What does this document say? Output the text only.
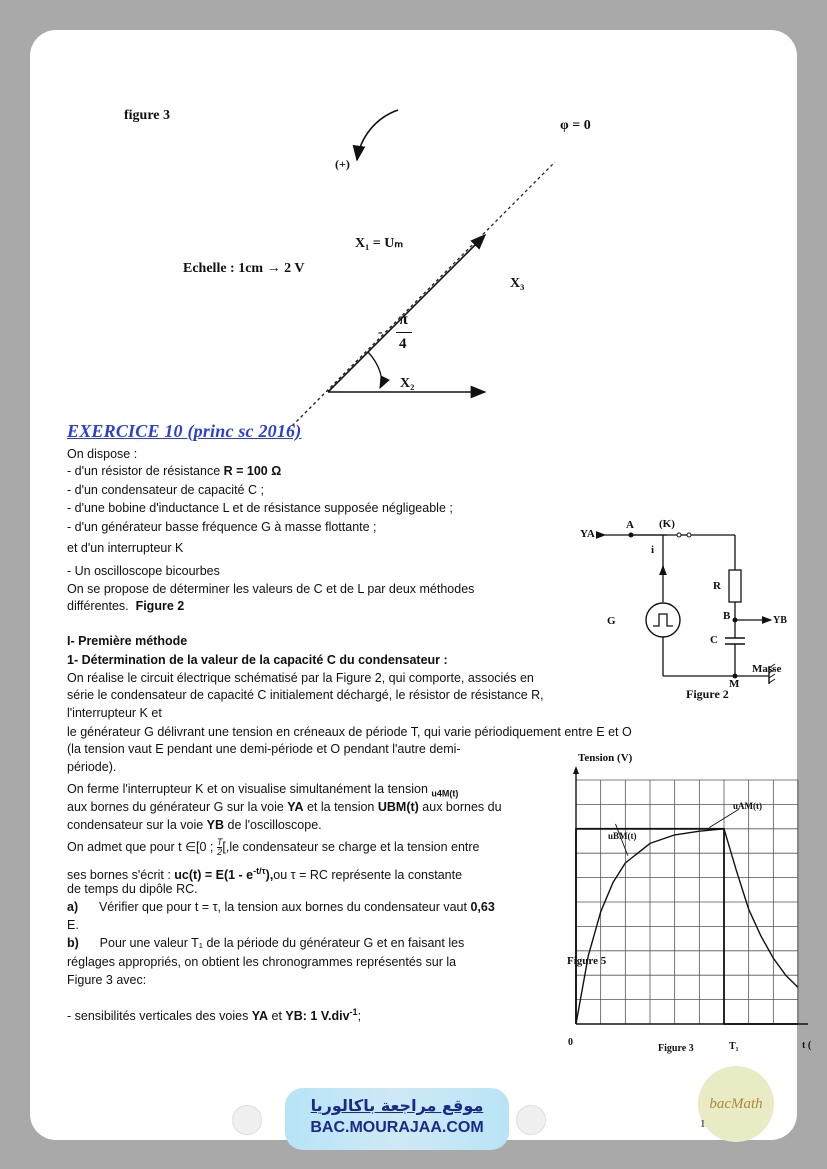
figure 3
(+)
φ = 0
X₁ = Uₘ
Echelle : 1cm → 2 V
X₃
-
π
4
X₂
EXERCICE 10 (princ sc 2016)
On dispose :
- d'un résistor de résistance R = 100 Ω
- d'un condensateur de capacité C ;
- d'une bobine d'inductance L et de résistance supposée négligeable ;
- d'un générateur basse fréquence G à masse flottante ;
et d'un interrupteur K
- Un oscilloscope bicourbes
On se propose de déterminer les valeurs de C et de L par deux méthodes
différentes. Figure 2
I- Première méthode
1- Détermination de la valeur de la capacité C du condensateur :
On réalise le circuit électrique schématisé par la Figure 2, qui comporte, associés en
série le condensateur de capacité C initialement déchargé, le résistor de résistance R,
l'interrupteur K et
le générateur G délivrant une tension en créneaux de période T, qui varie périodiquement entre E et O
(la tension vaut E pendant une demi-période et O pendant l'autre demi-
période).
On ferme l'interrupteur K et on visualise simultanément la tension $_{u4M(t)}$
aux bornes du générateur G sur la voie YA et la tension UBM(t) aux bornes du
condensateur sur la voie YB de l'oscilloscope.
On admet que pour t ∈[0 ; $\frac{T}{2} [,le$ condensateur se charge et la tension entre
ses bornes s'écrit : $uc(t) = E(1 - e^{-t/\tau}),ou$ τ = RC représente la constante
de temps du dipôle RC.
a) Vérifier que pour t = τ, la tension aux bornes du condensateur vaut 0,63
E.
b) Pour une valeur T₁ de la période du générateur G et en faisant les
réglages appropriés, on obtient les chronogrammes représentés sur la
Figure 3 avec:
- sensibilités verticales des voies YA et YB: 1 V.div$^{-1}$;
YA
A (K)
i
R
G	B	YB
C
M
Masse
Figure 2
Tension (V)
0	T₁
Figure 3	t (
Figure 5
uAM(t)
uBM(t)
موقع مراجعة باكالوريا
BAC.MOURAJAA.COM
bacMath
1
